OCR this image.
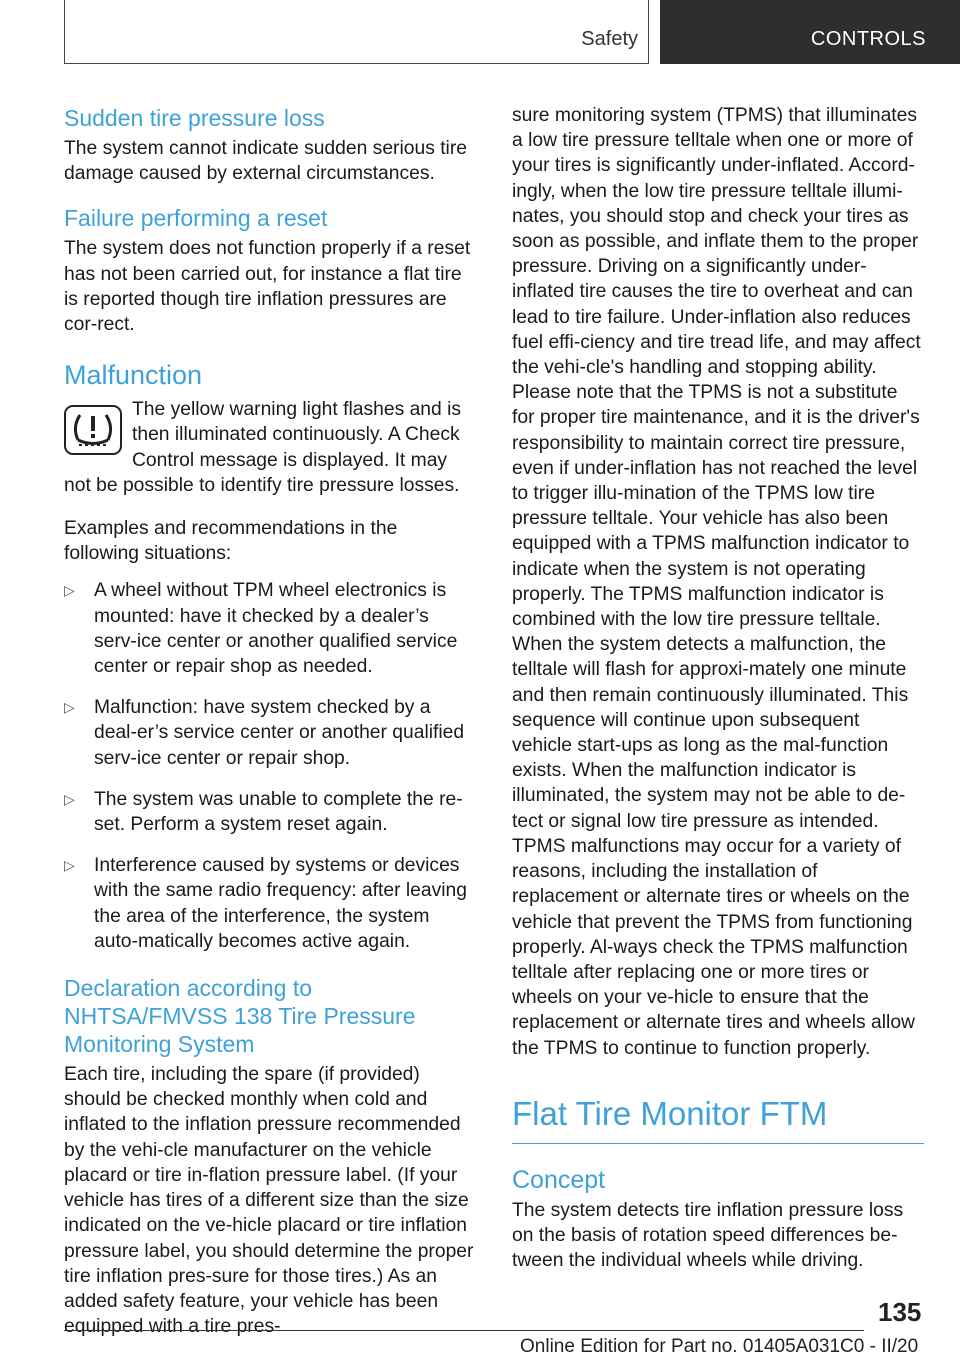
Safety	CONTROLS
Sudden tire pressure loss

The system cannot indicate sudden serious tire damage caused by external circumstances.

Failure performing a reset

The system does not function properly if a reset has not been carried out, for instance a flat tire is reported though tire inflation pressures are cor-rect.

Malfunction

The yellow warning light flashes and is then illuminated continuously. A Check Control message is displayed. It may not be possible to identify tire pressure losses.

Examples and recommendations in the following situations:

▷ A wheel without TPM wheel electronics is mounted: have it checked by a dealer’s serv-ice center or another qualified service center or repair shop as needed.
▷ Malfunction: have system checked by a deal-er’s service center or another qualified serv-ice center or repair shop.
▷ The system was unable to complete the re-set. Perform a system reset again.
▷ Interference caused by systems or devices with the same radio frequency: after leaving the area of the interference, the system auto-matically becomes active again.
Declaration according to NHTSA/FMVSS 138 Tire Pressure Monitoring System

Each tire, including the spare (if provided) should be checked monthly when cold and inflated to the inflation pressure recommended by the vehi-cle manufacturer on the vehicle placard or tire in-flation pressure label. (If your vehicle has tires of a different size than the size indicated on the ve-hicle placard or tire inflation pressure label, you should determine the proper tire inflation pres-sure for those tires.) As an added safety feature, your vehicle has been equipped with a tire pres-

sure monitoring system (TPMS) that illuminates a low tire pressure telltale when one or more of your tires is significantly under-inflated. Accord-ingly, when the low tire pressure telltale illumi-nates, you should stop and check your tires as soon as possible, and inflate them to the proper pressure. Driving on a significantly under-inflated tire causes the tire to overheat and can lead to tire failure. Under-inflation also reduces fuel effi-ciency and tire tread life, and may affect the vehi-cle's handling and stopping ability. Please note that the TPMS is not a substitute for proper tire maintenance, and it is the driver's responsibility to maintain correct tire pressure, even if under-inflation has not reached the level to trigger illu-mination of the TPMS low tire pressure telltale. Your vehicle has also been equipped with a TPMS malfunction indicator to indicate when the system is not operating properly. The TPMS malfunction indicator is combined with the low tire pressure telltale. When the system detects a malfunction, the telltale will flash for approxi-mately one minute and then remain continuously illuminated. This sequence will continue upon subsequent vehicle start-ups as long as the mal-function exists. When the malfunction indicator is illuminated, the system may not be able to de-tect or signal low tire pressure as intended. TPMS malfunctions may occur for a variety of reasons, including the installation of replacement or alternate tires or wheels on the vehicle that prevent the TPMS from functioning properly. Al-ways check the TPMS malfunction telltale after replacing one or more tires or wheels on your ve-hicle to ensure that the replacement or alternate tires and wheels allow the TPMS to continue to function properly.

Flat Tire Monitor FTM
Concept

The system detects tire inflation pressure loss on the basis of rotation speed differences be-tween the individual wheels while driving.

135
Online Edition for Part no. 01405A031C0 - II/20
